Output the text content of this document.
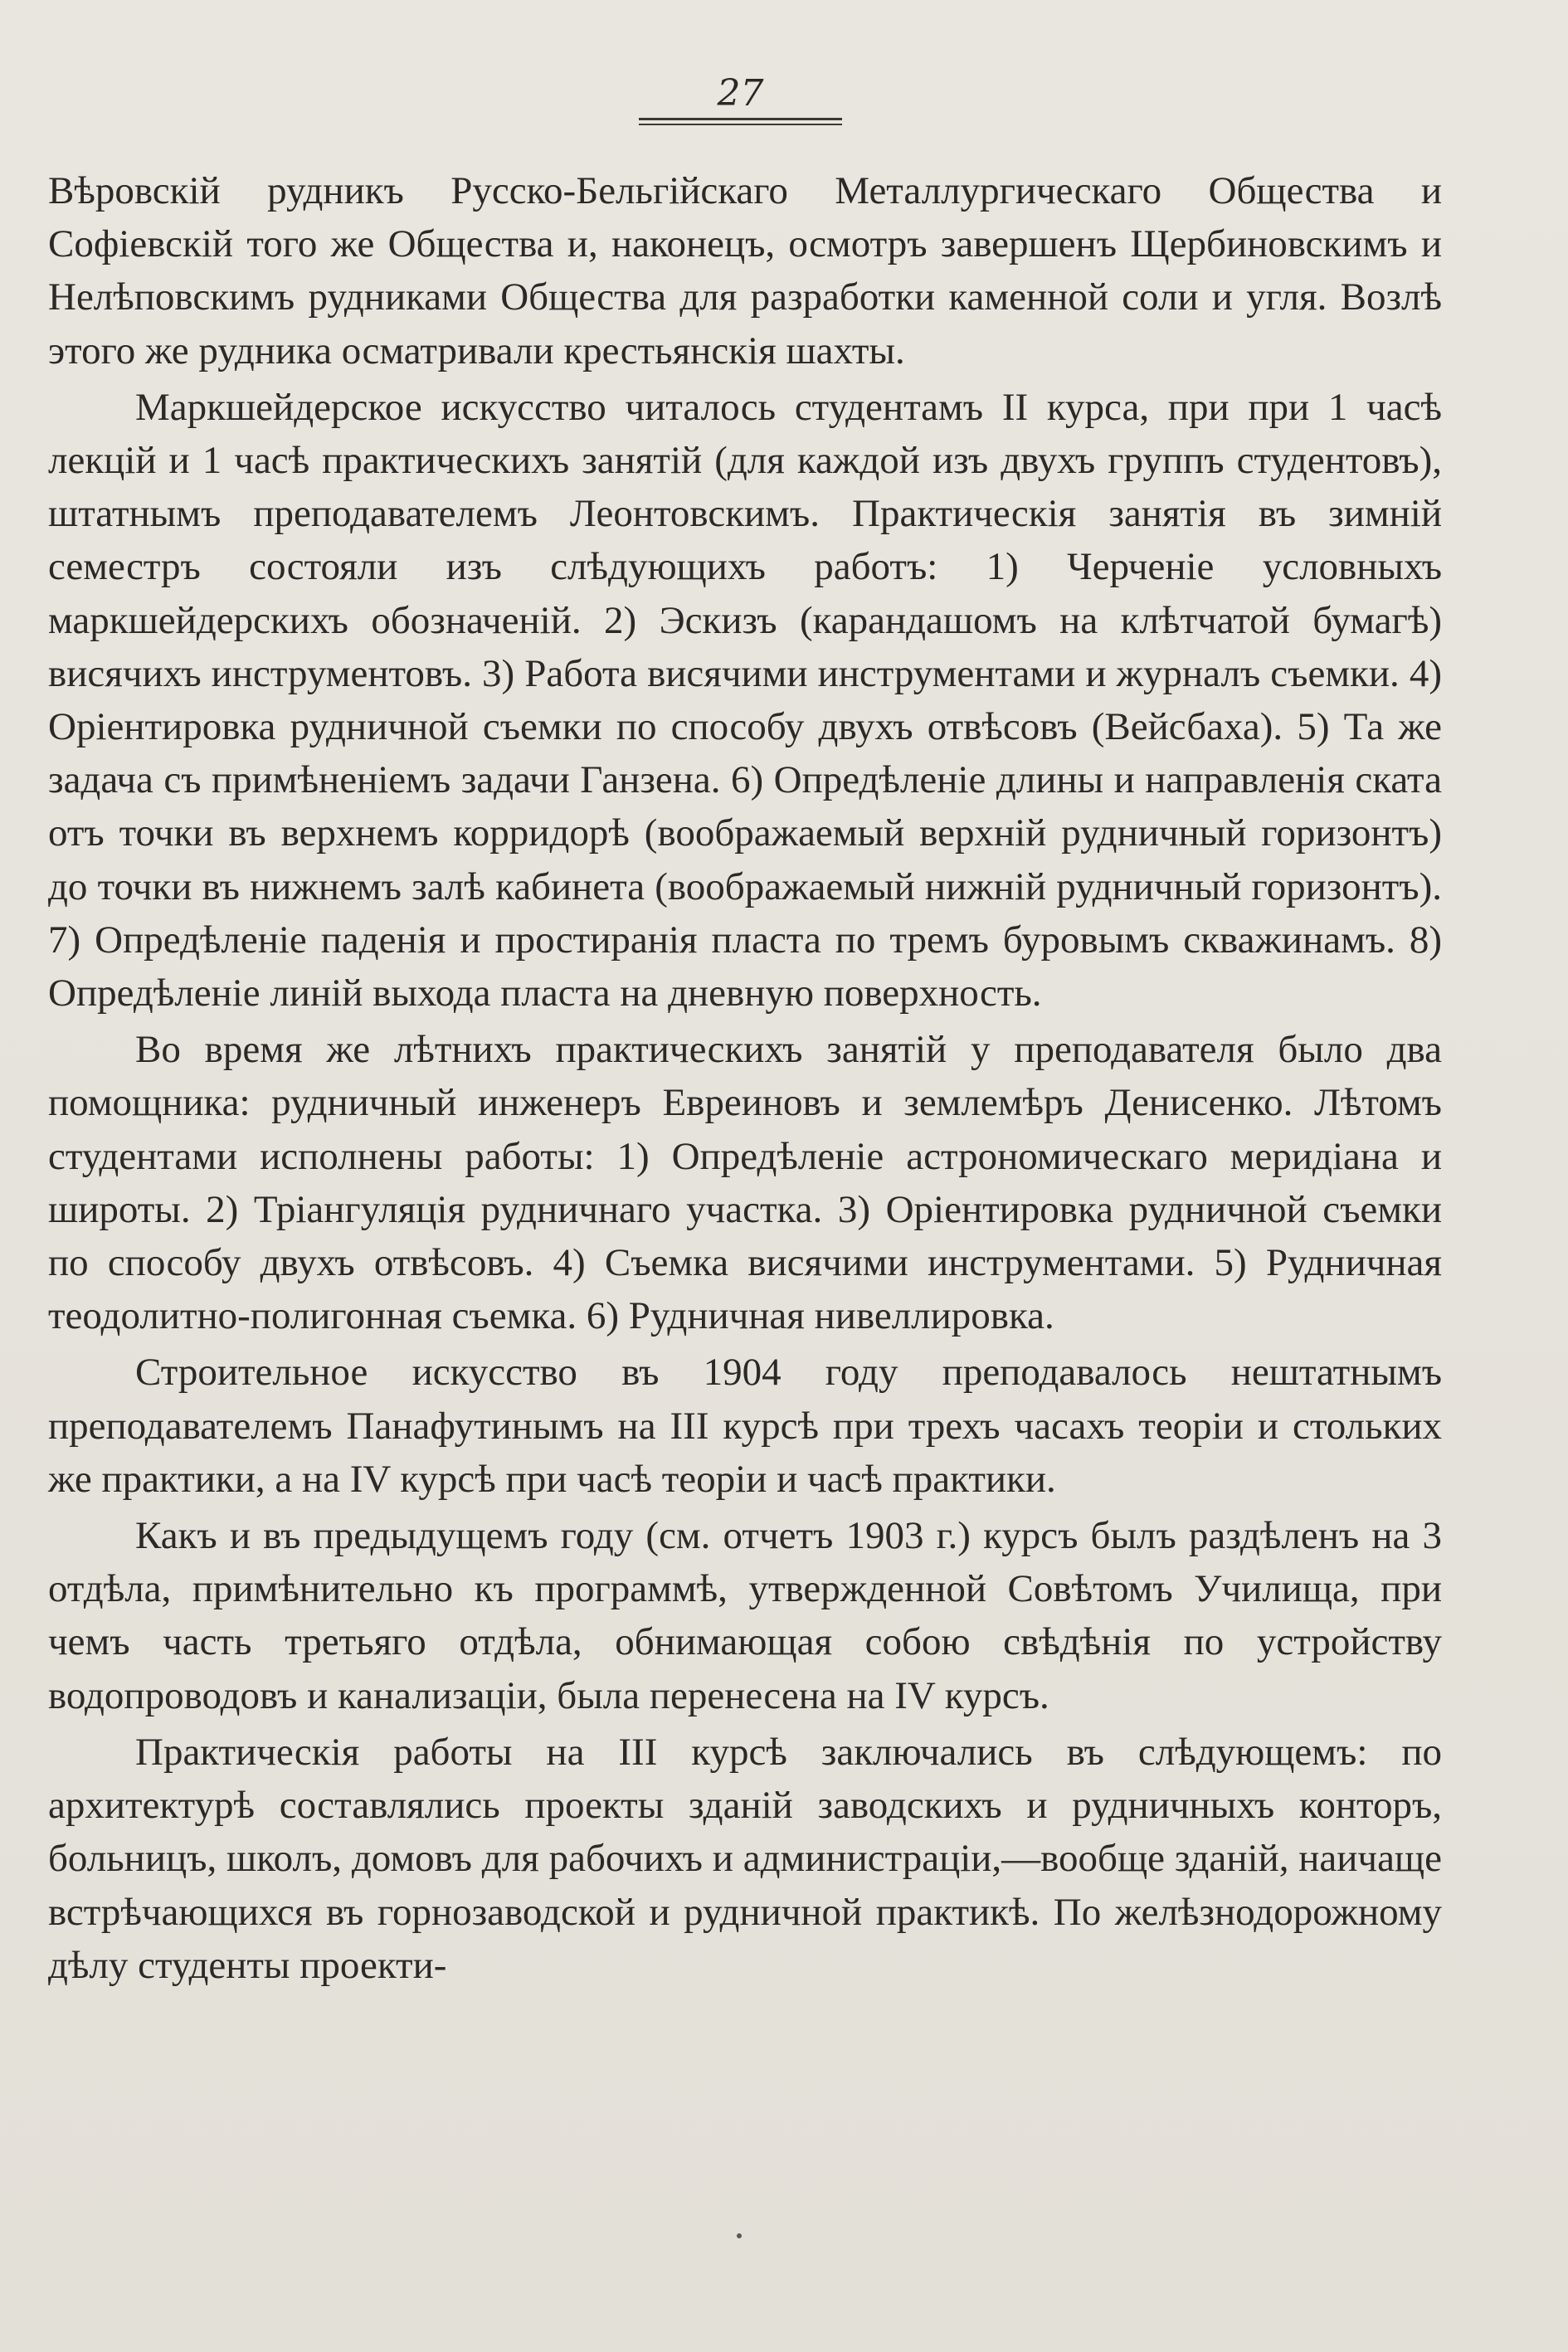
27

Вѣровскій рудникъ Русско-Бельгійскаго Металлургическаго Общества и Софіевскій того же Общества и, наконецъ, осмотръ завершенъ Щербиновскимъ и Нелѣповскимъ рудниками Общества для разработки каменной соли и угля. Возлѣ этого же рудника осматривали крестьянскія шахты.

Маркшейдерское искусство читалось студентамъ II курса, при при 1 часѣ лекцій и 1 часѣ практическихъ занятій (для каждой изъ двухъ группъ студентовъ), штатнымъ преподавателемъ Леонтовскимъ. Практическія занятія въ зимній семестръ состояли изъ слѣдующихъ работъ: 1) Черченіе условныхъ маркшейдерскихъ обозначеній. 2) Эскизъ (карандашомъ на клѣтчатой бумагѣ) висячихъ инструментовъ. 3) Работа висячими инструментами и журналъ съемки. 4) Оріентировка рудничной съемки по способу двухъ отвѣсовъ (Вейсбаха). 5) Та же задача съ примѣненіемъ задачи Ганзена. 6) Опредѣленіе длины и направленія ската отъ точки въ верхнемъ корридорѣ (воображаемый верхній рудничный горизонтъ) до точки въ нижнемъ залѣ кабинета (воображаемый нижній рудничный горизонтъ). 7) Опредѣленіе паденія и простиранія пласта по тремъ буровымъ скважинамъ. 8) Опредѣленіе линій выхода пласта на дневную поверхность.

Во время же лѣтнихъ практическихъ занятій у преподавателя было два помощника: рудничный инженеръ Евреиновъ и землемѣръ Денисенко. Лѣтомъ студентами исполнены работы: 1) Опредѣленіе астрономическаго меридіана и широты. 2) Тріангуляція рудничнаго участка. 3) Оріентировка рудничной съемки по способу двухъ отвѣсовъ. 4) Съемка висячими инструментами. 5) Рудничная теодолитно-полигонная съемка. 6) Рудничная нивеллировка.

Строительное искусство въ 1904 году преподавалось нештатнымъ преподавателемъ Панафутинымъ на III курсѣ при трехъ часахъ теоріи и стольких же практики, а на IV курсѣ при часѣ теоріи и часѣ практики.

Какъ и въ предыдущемъ году (см. отчетъ 1903 г.) курсъ былъ раздѣленъ на 3 отдѣла, примѣнительно къ программѣ, утвержденной Совѣтомъ Училища, при чемъ часть третьяго отдѣла, обнимающая собою свѣдѣнія по устройству водопроводовъ и канализаціи, была перенесена на IV курсъ.

Практическія работы на III курсѣ заключались въ слѣдующемъ: по архитектурѣ составлялись проекты зданій заводскихъ и рудничныхъ конторъ, больницъ, школъ, домовъ для рабочихъ и администраціи,—вообще зданій, наичаще встрѣчающихся въ горнозаводской и рудничной практикѣ. По желѣзнодорожному дѣлу студенты проекти-
